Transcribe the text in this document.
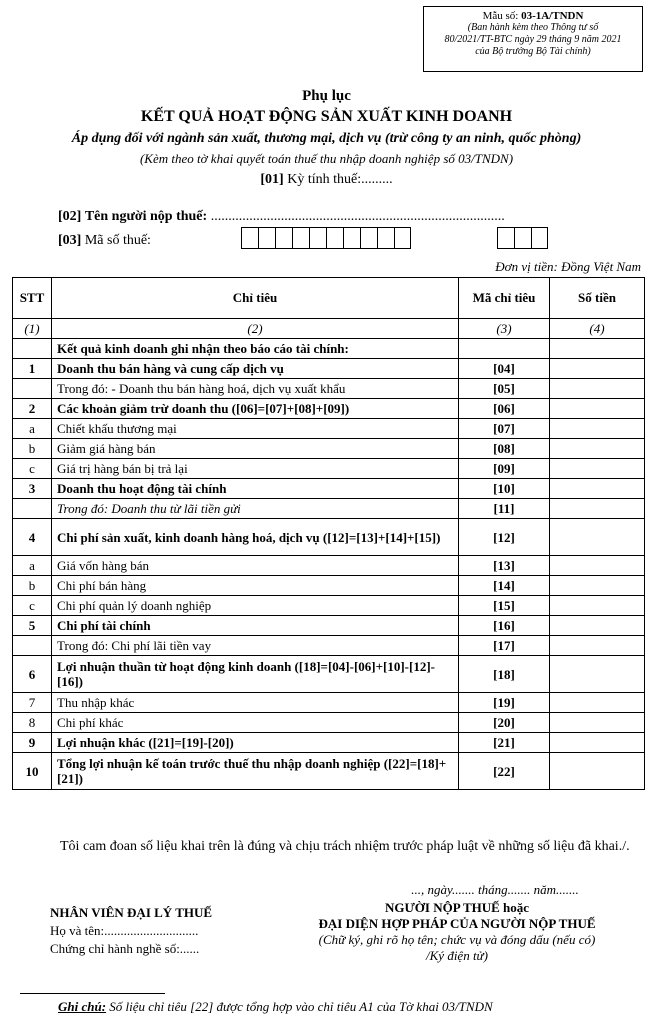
Mẫu số: 03-1A/TNDN
(Ban hành kèm theo Thông tư số
80/2021/TT-BTC ngày 29 tháng 9 năm 2021
của Bộ trưởng Bộ Tài chính)
Phụ lục
KẾT QUẢ HOẠT ĐỘNG SẢN XUẤT KINH DOANH
Áp dụng đối với ngành sản xuất, thương mại, dịch vụ (trừ công ty an ninh, quốc phòng)
(Kèm theo tờ khai quyết toán thuế thu nhập doanh nghiệp số 03/TNDN)
[01] Kỳ tính thuế:.........
[02] Tên người nộp thuế: ....................................................................................
[03] Mã số thuế:
Đơn vị tiền: Đồng Việt Nam
STT	Chỉ tiêu	Mã chỉ tiêu	Số tiền
(1)	(2)	(3)	(4)
	Kết quả kinh doanh ghi nhận theo báo cáo tài chính:		
1	Doanh thu bán hàng và cung cấp dịch vụ	[04]	
	Trong đó: - Doanh thu bán hàng hoá, dịch vụ xuất khẩu	[05]	
2	Các khoản giảm trừ doanh thu ([06]=[07]+[08]+[09])	[06]	
a	Chiết khấu thương mại	[07]	
b	Giảm giá hàng bán	[08]	
c	Giá trị hàng bán bị trả lại	[09]	
3	Doanh thu hoạt động tài chính	[10]	
	Trong đó: Doanh thu từ lãi tiền gửi	[11]	
4	Chi phí sản xuất, kinh doanh hàng hoá, dịch vụ ([12]=[13]+[14]+[15])	[12]	
a	Giá vốn hàng bán	[13]	
b	Chi phí bán hàng	[14]	
c	Chi phí quản lý doanh nghiệp	[15]	
5	Chi phí tài chính	[16]	
	Trong đó: Chi phí lãi tiền vay	[17]	
6	Lợi nhuận thuần từ hoạt động kinh doanh ([18]=[04]-[06]+[10]-[12]-[16])	[18]	
7	Thu nhập khác	[19]	
8	Chi phí khác	[20]	
9	Lợi nhuận khác ([21]=[19]-[20])	[21]	
10	Tổng lợi nhuận kế toán trước thuế thu nhập doanh nghiệp ([22]=[18]+[21])	[22]	
Tôi cam đoan số liệu khai trên là đúng và chịu trách nhiệm trước pháp luật về những số liệu đã khai./.
..., ngày....... tháng....... năm.......
NHÂN VIÊN ĐẠI LÝ THUẾ
Họ và tên:.............................
Chứng chỉ hành nghề số:......
NGƯỜI NỘP THUẾ hoặc
ĐẠI DIỆN HỢP PHÁP CỦA NGƯỜI NỘP THUẾ
(Chữ ký, ghi rõ họ tên; chức vụ và đóng dấu (nếu có)
/Ký điện tử)
Ghi chú: Số liệu chỉ tiêu [22] được tổng hợp vào chỉ tiêu A1 của Tờ khai 03/TNDN
